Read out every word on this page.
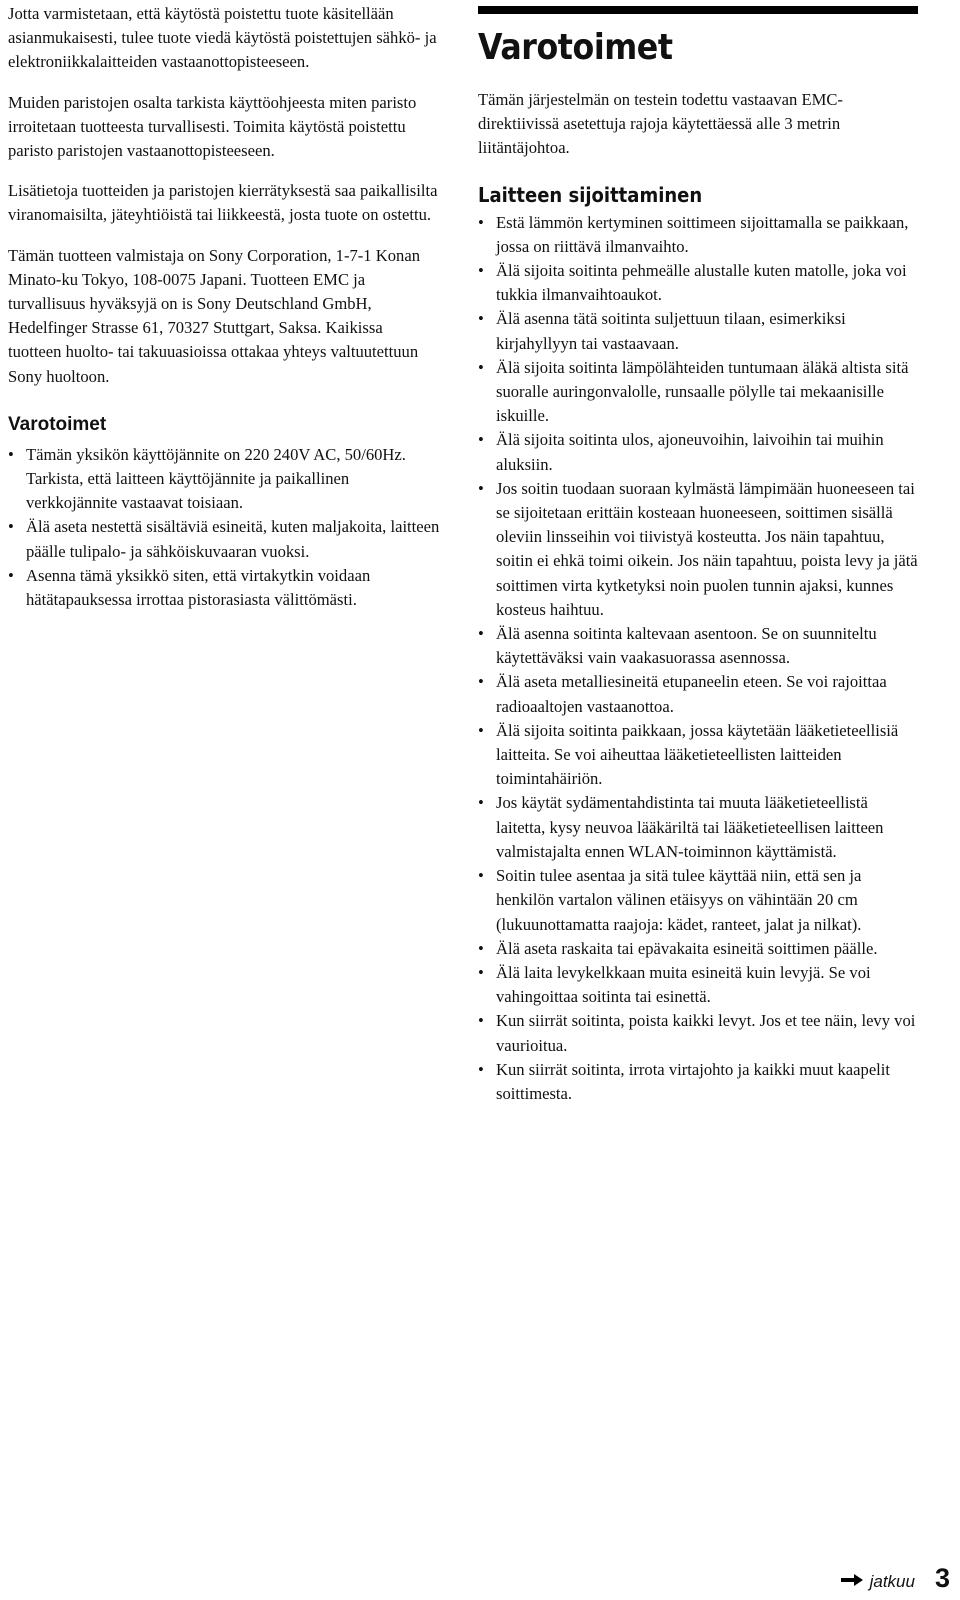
Jotta varmistetaan, että käytöstä poistettu tuote käsitellään asianmukaisesti, tulee tuote viedä käytöstä poistettujen sähkö- ja elektroniikkalaitteiden vastaanottopisteeseen.

Muiden paristojen osalta tarkista käyttöohjeesta miten paristo irroitetaan tuotteesta turvallisesti. Toimita käytöstä poistettu paristo paristojen vastaanottopisteeseen.

Lisätietoja tuotteiden ja paristojen kierrätyksestä saa paikallisilta viranomaisilta, jäteyhtiöistä tai liikkeestä, josta tuote on ostettu.

Tämän tuotteen valmistaja on Sony Corporation, 1-7-1 Konan Minato-ku Tokyo, 108-0075 Japani. Tuotteen EMC ja turvallisuus hyväksyjä on is Sony Deutschland GmbH, Hedelfinger Strasse 61, 70327 Stuttgart, Saksa. Kaikissa tuotteen huolto- tai takuuasioissa ottakaa yhteys valtuutettuun Sony huoltoon.

Varotoimet
• Tämän yksikön käyttöjännite on 220 240V AC, 50/60Hz. Tarkista, että laitteen käyttöjännite ja paikallinen verkkojännite vastaavat toisiaan.
• Älä aseta nestettä sisältäviä esineitä, kuten maljakoita, laitteen päälle tulipalo- ja sähköiskuvaaran vuoksi.
• Asenna tämä yksikkö siten, että virtakytkin voidaan hätätapauksessa irrottaa pistorasiasta välittömästi.
Varotoimet

Tämän järjestelmän on testein todettu vastaavan EMC-direktiivissä asetettuja rajoja käytettäessä alle 3 metrin liitäntäjohtoa.

Laitteen sijoittaminen
• Estä lämmön kertyminen soittimeen sijoittamalla se paikkaan, jossa on riittävä ilmanvaihto.
• Älä sijoita soitinta pehmeälle alustalle kuten matolle, joka voi tukkia ilmanvaihtoaukot.
• Älä asenna tätä soitinta suljettuun tilaan, esimerkiksi kirjahyllyyn tai vastaavaan.
• Älä sijoita soitinta lämpölähteiden tuntumaan äläkä altista sitä suoralle auringonvalolle, runsaalle pölylle tai mekaanisille iskuille.
• Älä sijoita soitinta ulos, ajoneuvoihin, laivoihin tai muihin aluksiin.
• Jos soitin tuodaan suoraan kylmästä lämpimään huoneeseen tai se sijoitetaan erittäin kosteaan huoneeseen, soittimen sisällä oleviin linsseihin voi tiivistyä kosteutta. Jos näin tapahtuu, soitin ei ehkä toimi oikein. Jos näin tapahtuu, poista levy ja jätä soittimen virta kytketyksi noin puolen tunnin ajaksi, kunnes kosteus haihtuu.
• Älä asenna soitinta kaltevaan asentoon. Se on suunniteltu käytettäväksi vain vaakasuorassa asennossa.
• Älä aseta metalliesineitä etupaneelin eteen. Se voi rajoittaa radioaaltojen vastaanottoa.
• Älä sijoita soitinta paikkaan, jossa käytetään lääketieteellisiä laitteita. Se voi aiheuttaa lääketieteellisten laitteiden toimintahäiriön.
• Jos käytät sydämentahdistinta tai muuta lääketieteellistä laitetta, kysy neuvoa lääkäriltä tai lääketieteellisen laitteen valmistajalta ennen WLAN-toiminnon käyttämistä.
• Soitin tulee asentaa ja sitä tulee käyttää niin, että sen ja henkilön vartalon välinen etäisyys on vähintään 20 cm (lukuunottamatta raajoja: kädet, ranteet, jalat ja nilkat).
• Älä aseta raskaita tai epävakaita esineitä soittimen päälle.
• Älä laita levykelkkaan muita esineitä kuin levyjä. Se voi vahingoittaa soitinta tai esinettä.
• Kun siirrät soitinta, poista kaikki levyt. Jos et tee näin, levy voi vaurioitua.
• Kun siirrät soitinta, irrota virtajohto ja kaikki muut kaapelit soittimesta.
jatkuu 3
